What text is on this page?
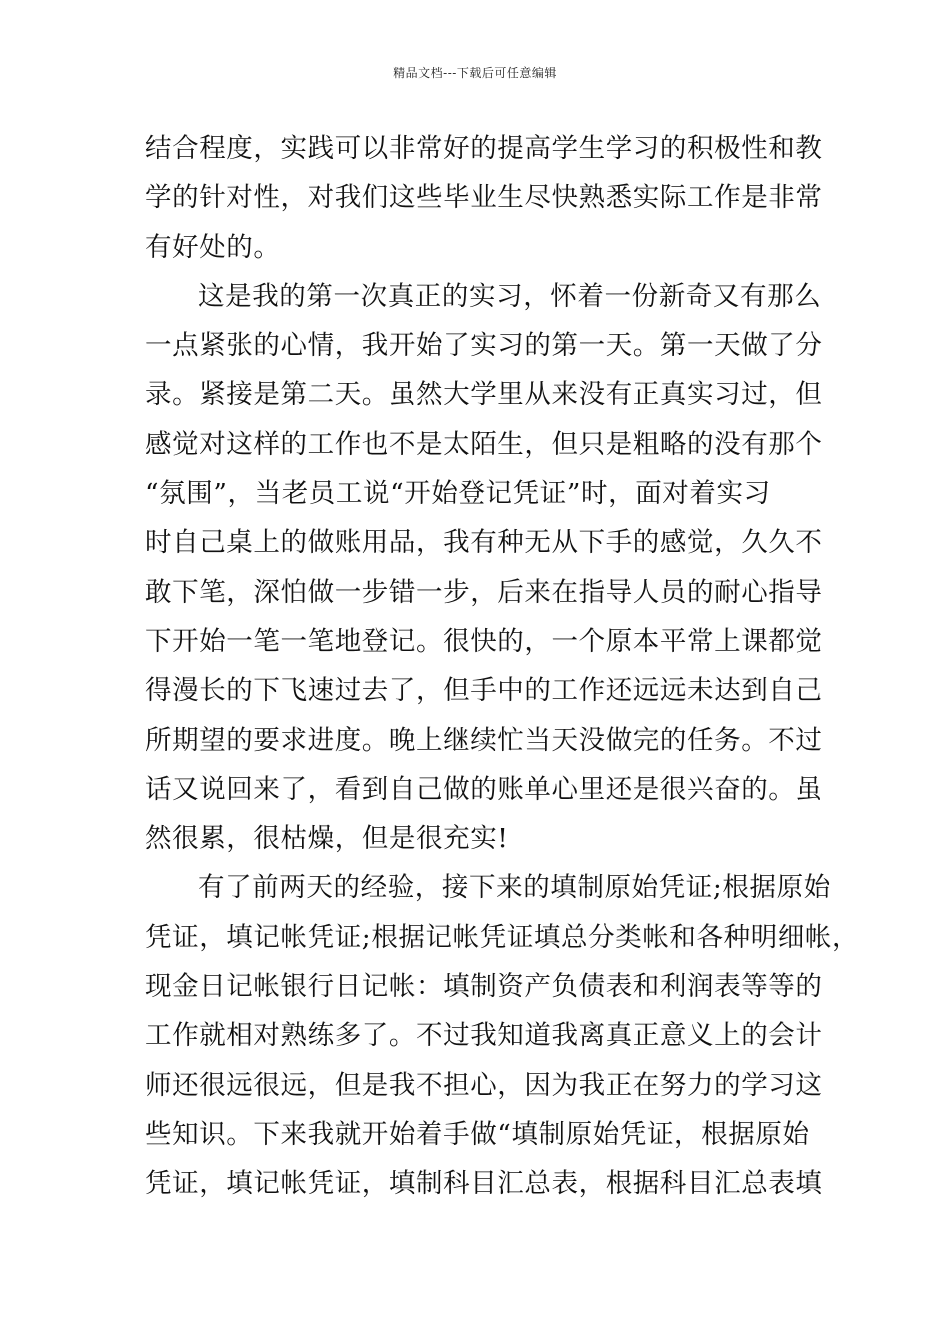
精品文档---下载后可任意编辑
结合程度，实践可以非常好的提高学生学习的积极性和教
学的针对性，对我们这些毕业生尽快熟悉实际工作是非常
有好处的。
这是我的第一次真正的实习，怀着一份新奇又有那么
一点紧张的心情，我开始了实习的第一天。第一天做了分
录。紧接是第二天。虽然大学里从来没有正真实习过，但
感觉对这样的工作也不是太陌生，但只是粗略的没有那个
“氛围”，当老员工说“开始登记凭证”时，面对着实习
时自己桌上的做账用品，我有种无从下手的感觉，久久不
敢下笔，深怕做一步错一步，后来在指导人员的耐心指导
下开始一笔一笔地登记。很快的，一个原本平常上课都觉
得漫长的下飞速过去了，但手中的工作还远远未达到自己
所期望的要求进度。晚上继续忙当天没做完的任务。不过
话又说回来了，看到自己做的账单心里还是很兴奋的。虽
然很累，很枯燥，但是很充实!
有了前两天的经验，接下来的填制原始凭证;根据原始
凭证，填记帐凭证;根据记帐凭证填总分类帐和各种明细帐，
现金日记帐银行日记帐：填制资产负债表和利润表等等的
工作就相对熟练多了。不过我知道我离真正意义上的会计
师还很远很远，但是我不担心，因为我正在努力的学习这
些知识。下来我就开始着手做“填制原始凭证，根据原始
凭证，填记帐凭证，填制科目汇总表，根据科目汇总表填
